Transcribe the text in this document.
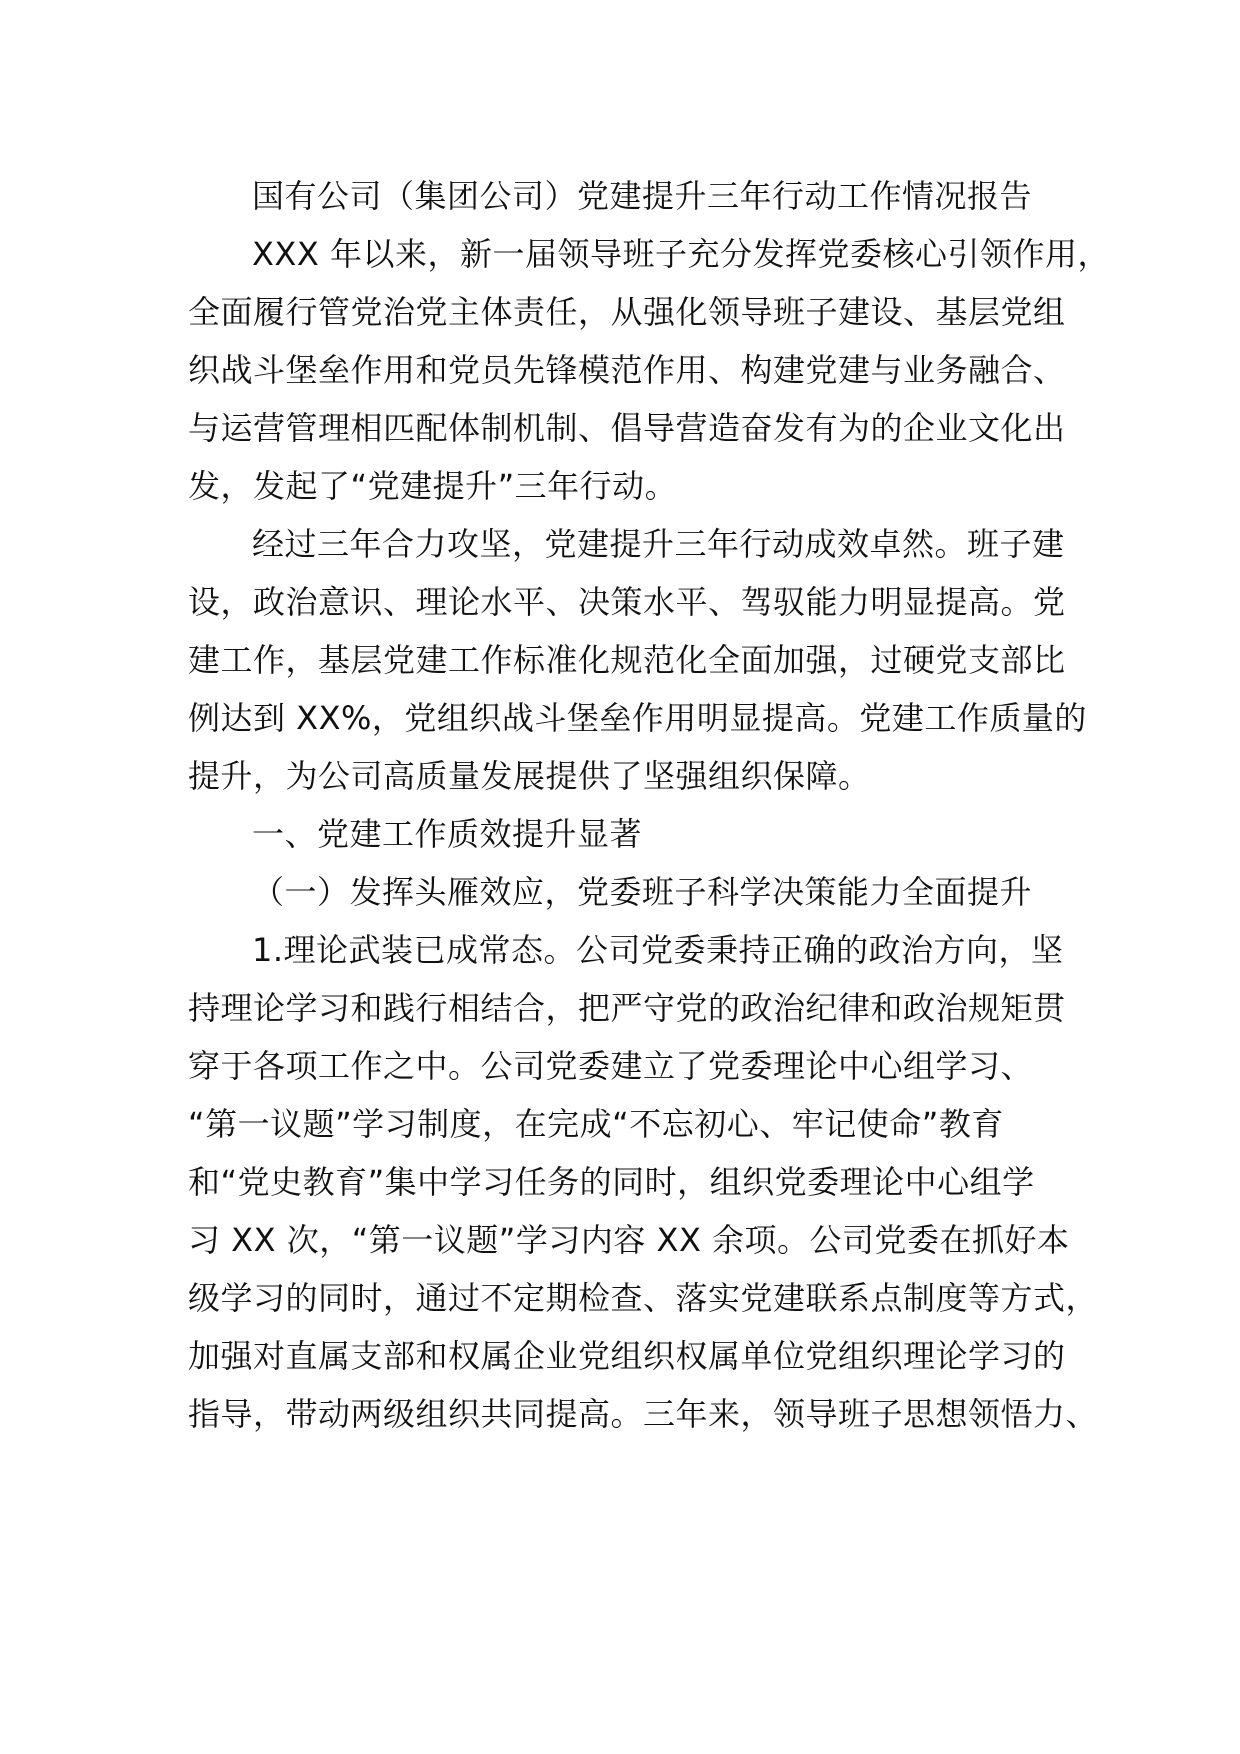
国有公司（集团公司）党建提升三年行动工作情况报告
XXX 年以来，新一届领导班子充分发挥党委核心引领作用，
全面履行管党治党主体责任，从强化领导班子建设、基层党组
织战斗堡垒作用和党员先锋模范作用、构建党建与业务融合、
与运营管理相匹配体制机制、倡导营造奋发有为的企业文化出
发，发起了“党建提升”三年行动。
经过三年合力攻坚，党建提升三年行动成效卓然。班子建
设，政治意识、理论水平、决策水平、驾驭能力明显提高。党
建工作，基层党建工作标准化规范化全面加强，过硬党支部比
例达到 XX%，党组织战斗堡垒作用明显提高。党建工作质量的
提升，为公司高质量发展提供了坚强组织保障。
一、党建工作质效提升显著
（一）发挥头雁效应，党委班子科学决策能力全面提升
1.理论武装已成常态。公司党委秉持正确的政治方向，坚
持理论学习和践行相结合，把严守党的政治纪律和政治规矩贯
穿于各项工作之中。公司党委建立了党委理论中心组学习、
“第一议题”学习制度，在完成“不忘初心、牢记使命”教育
和“党史教育”集中学习任务的同时，组织党委理论中心组学
习 XX 次，“第一议题”学习内容 XX 余项。公司党委在抓好本
级学习的同时，通过不定期检查、落实党建联系点制度等方式，
加强对直属支部和权属企业党组织权属单位党组织理论学习的
指导，带动两级组织共同提高。三年来，领导班子思想领悟力、
